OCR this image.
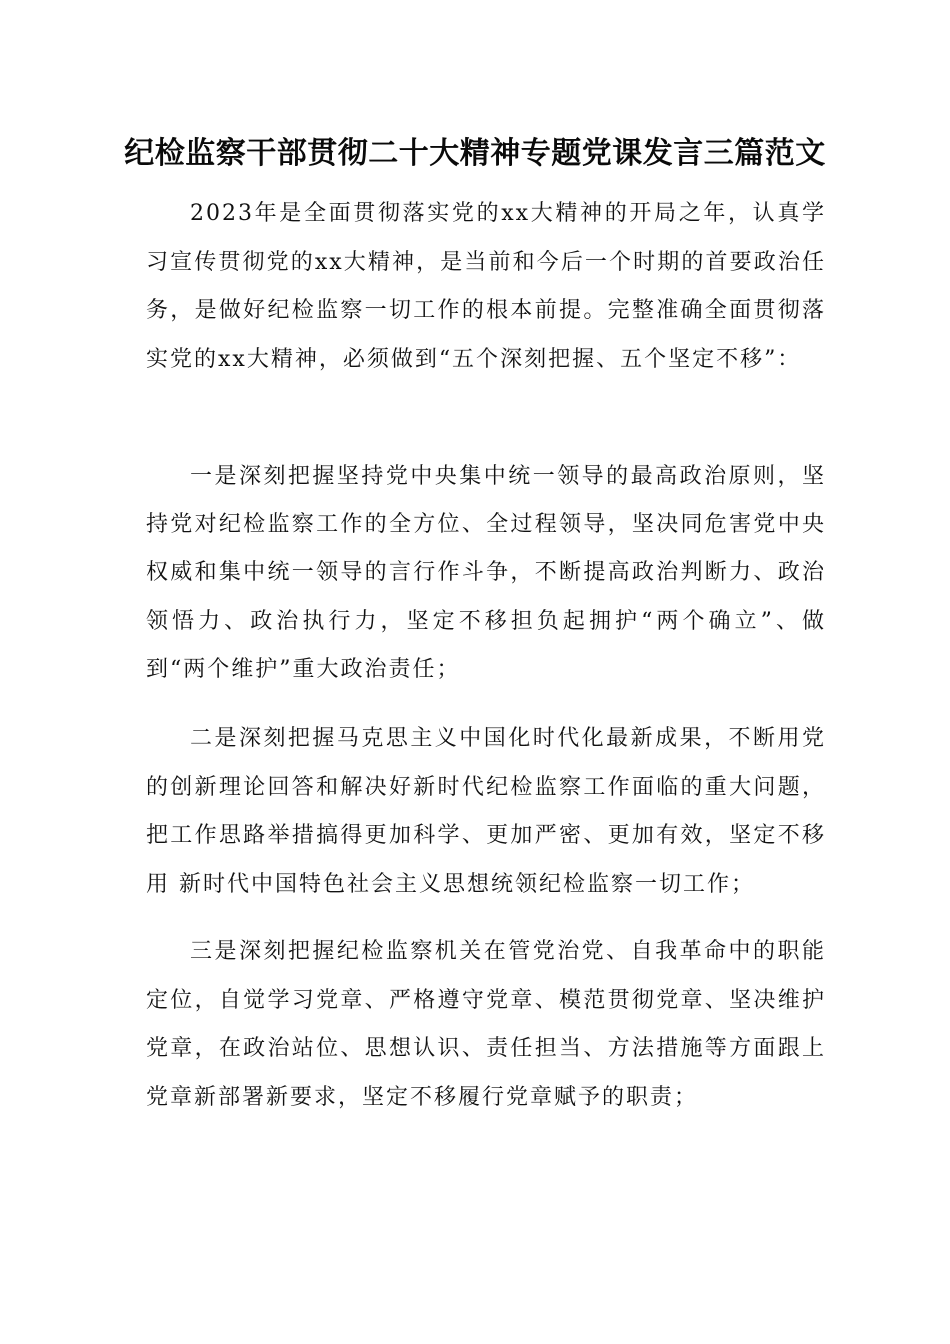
纪检监察干部贯彻二十大精神专题党课发言三篇范文

2023年是全面贯彻落实党的xx大精神的开局之年，认真学习宣传贯彻党的xx大精神，是当前和今后一个时期的首要政治任务，是做好纪检监察一切工作的根本前提。完整准确全面贯彻落实党的xx大精神，必须做到“五个深刻把握、五个坚定不移”：

一是深刻把握坚持党中央集中统一领导的最高政治原则，坚持党对纪检监察工作的全方位、全过程领导，坚决同危害党中央权威和集中统一领导的言行作斗争，不断提高政治判断力、政治领悟力、政治执行力，坚定不移担负起拥护“两个确立”、做到“两个维护”重大政治责任；

二是深刻把握马克思主义中国化时代化最新成果，不断用党的创新理论回答和解决好新时代纪检监察工作面临的重大问题，把工作思路举措搞得更加科学、更加严密、更加有效，坚定不移用 新时代中国特色社会主义思想统领纪检监察一切工作；

三是深刻把握纪检监察机关在管党治党、自我革命中的职能定位，自觉学习党章、严格遵守党章、模范贯彻党章、坚决维护党章，在政治站位、思想认识、责任担当、方法措施等方面跟上党章新部署新要求，坚定不移履行党章赋予的职责；
